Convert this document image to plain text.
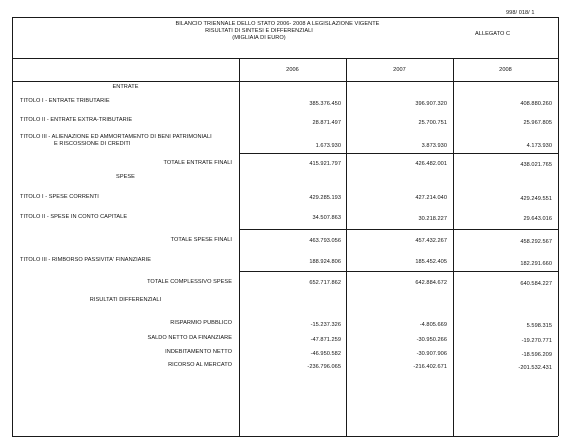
998/ 018/ 1
BILANCIO TRIENNALE DELLO STATO 2006- 2008 A LEGISLAZIONE VIGENTE
RISULTATI DI SINTESI E DIFFERENZIALI
(MIGLIAIA DI EURO)
ALLEGATO C
2006	2007	2008
ENTRATE
TITOLO I - ENTRATE TRIBUTARIE	385.376.450	396.907.320	408.880.260
TITOLO II - ENTRATE EXTRA-TRIBUTARIE	28.871.497	25.700.751	25.967.805
TITOLO III - ALIENAZIONE ED AMMORTAMENTO DI BENI PATRIMONIALI
E RISCOSSIONE DI CREDITI	1.673.930	3.873.930	4.173.930
TOTALE ENTRATE FINALI	415.921.797	426.482.001	438.021.765
SPESE
TITOLO I - SPESE CORRENTI	429.285.193	427.214.040	429.249.551
TITOLO II - SPESE IN CONTO CAPITALE	34.507.863	30.218.227	29.643.016
TOTALE SPESE FINALI	463.793.056	457.432.267	458.292.567
TITOLO III - RIMBORSO PASSIVITA' FINANZIARIE	188.924.806	185.452.405	182.291.660
TOTALE COMPLESSIVO SPESE	652.717.862	642.884.672	640.584.227
RISULTATI DIFFERENZIALI
RISPARMIO PUBBLICO	-15.237.326	-4.805.669	5.598.315
SALDO NETTO DA FINANZIARE	-47.871.259	-30.950.266	-19.270.771
INDEBITAMENTO NETTO	-46.950.582	-30.907.906	-18.596.209
RICORSO AL MERCATO	-236.796.065	-216.402.671	-201.532.431
